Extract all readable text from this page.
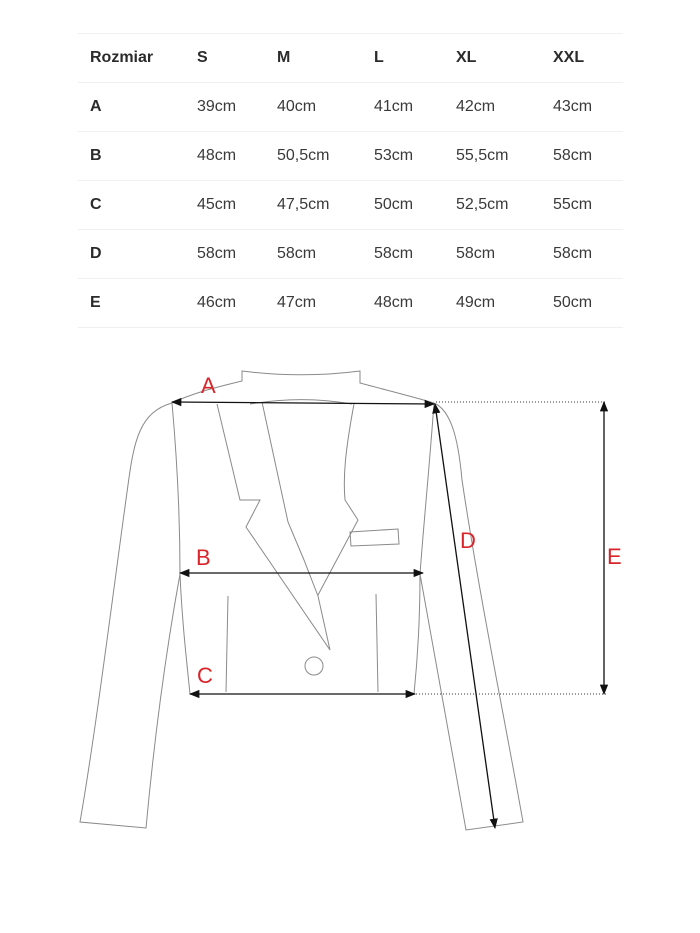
Rozmiar	S	M	L	XL	XXL
A	39cm	40cm	41cm	42cm	43cm
B	48cm	50,5cm	53cm	55,5cm	58cm
C	45cm	47,5cm	50cm	52,5cm	55cm
D	58cm	58cm	58cm	58cm	58cm
E	46cm	47cm	48cm	49cm	50cm
A
B
C
D
E
